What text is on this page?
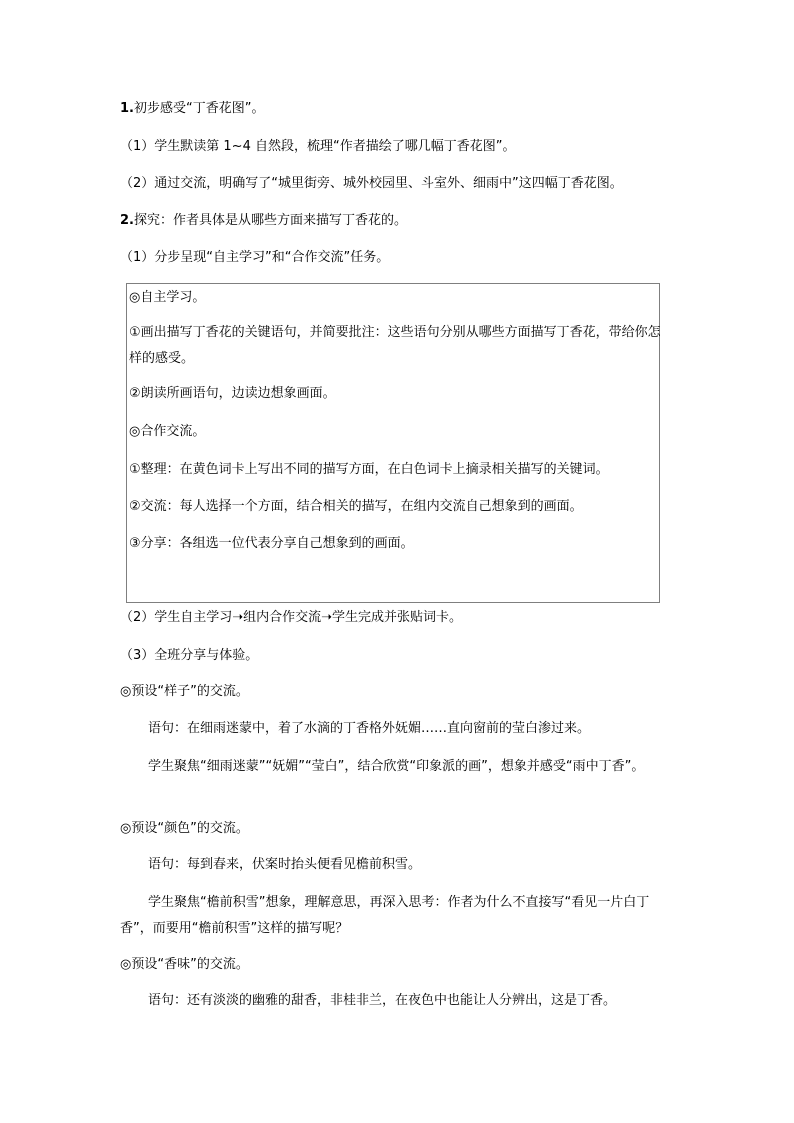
1.初步感受“丁香花图”。
（1）学生默读第 1~4 自然段，梳理“作者描绘了哪几幅丁香花图”。
（2）通过交流，明确写了“城里街旁、城外校园里、斗室外、细雨中”这四幅丁香花图。
2.探究：作者具体是从哪些方面来描写丁香花的。
（1）分步呈现“自主学习”和“合作交流”任务。
◎自主学习。
①画出描写丁香花的关键语句，并简要批注：这些语句分别从哪些方面描写丁香花，带给你怎样的感受。
②朗读所画语句，边读边想象画面。
◎合作交流。
①整理：在黄色词卡上写出不同的描写方面，在白色词卡上摘录相关描写的关键词。
②交流：每人选择一个方面，结合相关的描写，在组内交流自己想象到的画面。
③分享：各组选一位代表分享自己想象到的画面。
（2）学生自主学习➝组内合作交流➝学生完成并张贴词卡。
（3）全班分享与体验。
◎预设“样子”的交流。
语句：在细雨迷蒙中，着了水滴的丁香格外妩媚……直向窗前的莹白渗过来。
学生聚焦“细雨迷蒙”“妩媚”“莹白”，结合欣赏“印象派的画”，想象并感受“雨中丁香”。
◎预设“颜色”的交流。
语句：每到春来，伏案时抬头便看见檐前积雪。
学生聚焦“檐前积雪”想象，理解意思，再深入思考：作者为什么不直接写“看见一片白丁香”，而要用“檐前积雪”这样的描写呢？
◎预设“香味”的交流。
语句：还有淡淡的幽雅的甜香，非桂非兰，在夜色中也能让人分辨出，这是丁香。
